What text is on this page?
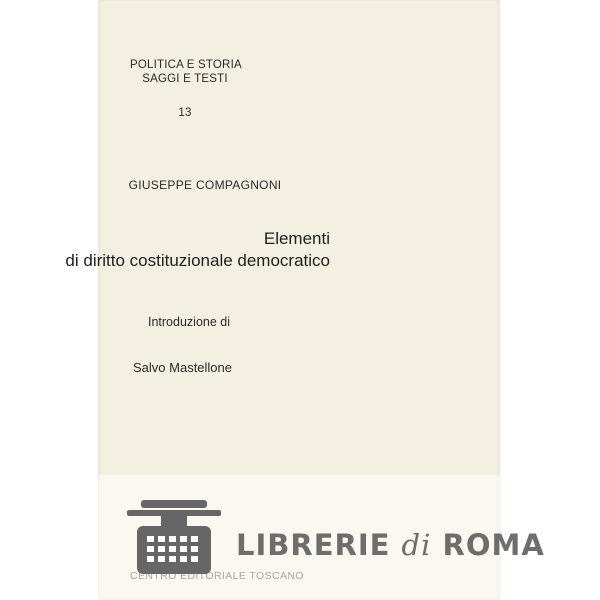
POLITICA E STORIA
SAGGI E TESTI
13
GIUSEPPE COMPAGNONI
Elementi
di diritto costituzionale democratico
Introduzione di
Salvo Mastellone
LIBRERIE di ROMA
